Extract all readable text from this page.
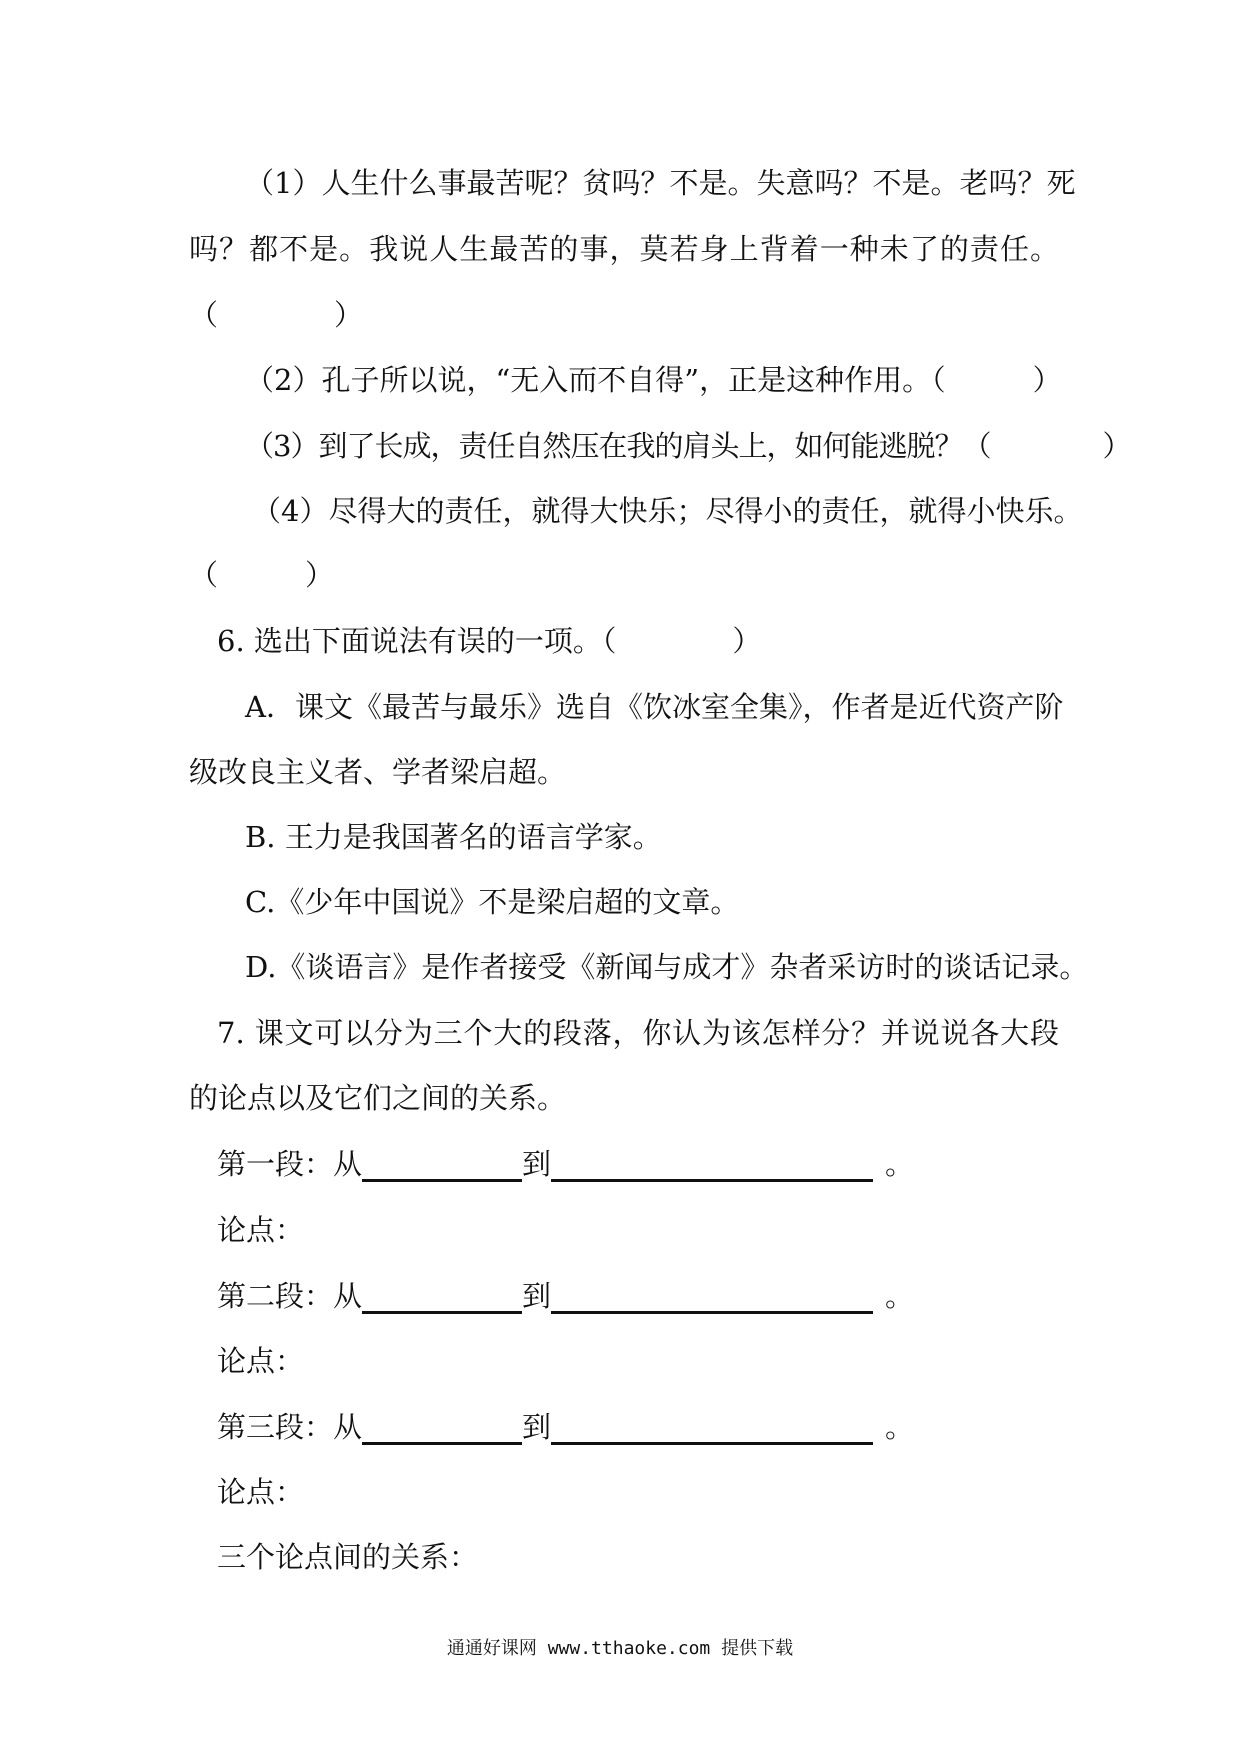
（1）人生什么事最苦呢？贫吗？不是。失意吗？不是。老吗？死
吗？都不是。我说人生最苦的事，莫若身上背着一种未了的责任。
（　　　　）
（2）孔子所以说，“无入而不自得”，正是这种作用。（　　　）
（3）到了长成，责任自然压在我的肩头上，如何能逃脱？（　　　　）
（4）尽得大的责任，就得大快乐；尽得小的责任，就得小快乐。
（　　　）
6. 选出下面说法有误的一项。（　　　　）
A．课文《最苦与最乐》选自《饮冰室全集》，作者是近代资产阶
级改良主义者、学者梁启超。
B. 王力是我国著名的语言学家。
C.《少年中国说》不是梁启超的文章。
D.《谈语言》是作者接受《新闻与成才》杂者采访时的谈话记录。
7. 课文可以分为三个大的段落，你认为该怎样分？并说说各大段
的论点以及它们之间的关系。
第一段：从	到	。
论点：
第二段：从	到	。
论点：
第三段：从	到	。
论点：
三个论点间的关系：
通通好课网 www.tthaoke.com 提供下载
